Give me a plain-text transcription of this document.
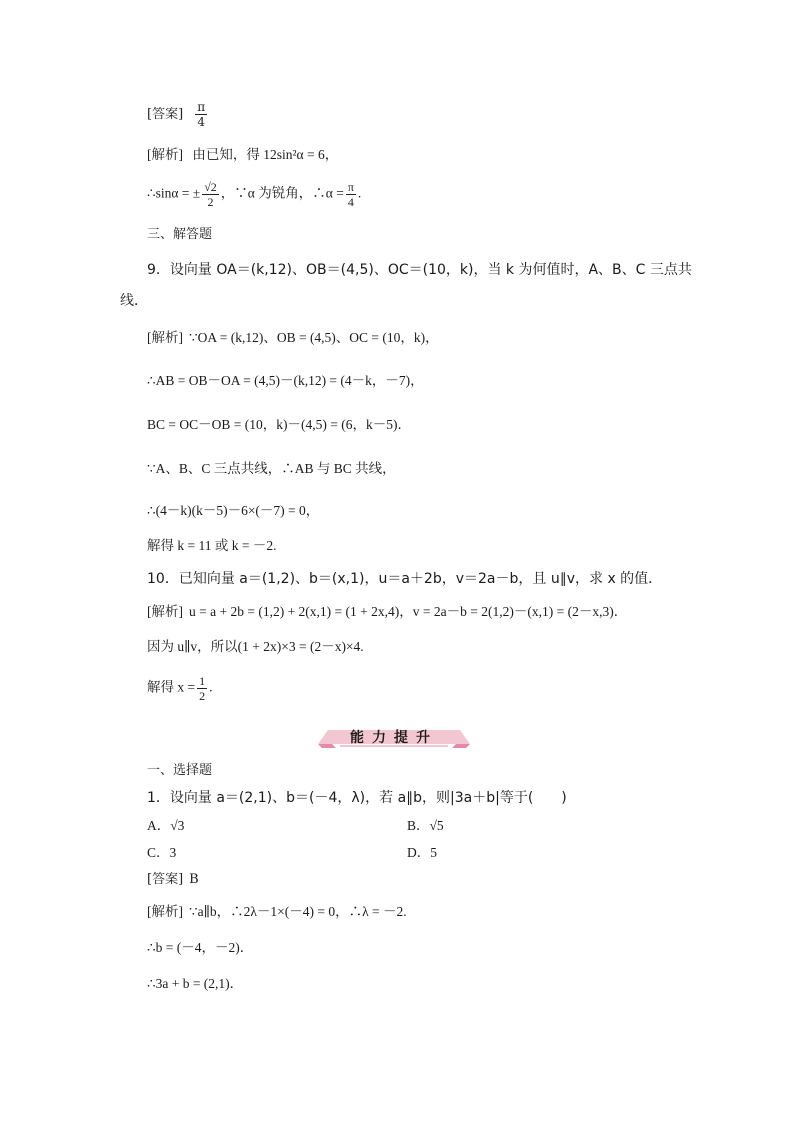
[答案] $\frac{\pi}{4}$
[解析] 由已知，得 12sin²α = 6，
∴sinα = ± $\frac{√2}{2}$ ，∵α 为锐角，∴α = $\frac{\pi}{4}$ .
三、解答题
9．设向量 OA＝(k,12)、OB＝(4,5)、OC＝(10，k)，当 k 为何值时，A、B、C 三点共
线．
[解析] ∵OA = (k,12)、OB = (4,5)、OC = (10，k)，
∴AB = OB－OA = (4,5)－(k,12) = (4－k，－7)，
BC = OC－OB = (10，k)－(4,5) = (6，k－5)．
∵A、B、C 三点共线，∴AB 与 BC 共线，
∴(4－k)(k－5)－6×(－7) = 0，
解得 k = 11 或 k = －2.
10．已知向量 a＝(1,2)、b＝(x,1)，u＝a＋2b，v＝2a－b，且 u∥v，求 x 的值．
[解析] u = a + 2b = (1,2) + 2(x,1) = (1 + 2x,4)，v = 2a－b = 2(1,2)－(x,1) = (2－x,3)．
因为 u∥v，所以(1 + 2x)×3 = (2－x)×4.
解得 $x = \frac{1}{2}$ .
能力提升
一、选择题
1．设向量 a＝(2,1)、b＝(－4，λ)，若 a∥b，则|3a＋b|等于(　　)
A．√3	B．√5
C．3	D．5
[答案] B
[解析] ∵a∥b，∴2λ－1×(－4) = 0，∴λ = －2.
∴b = (－4，－2)．
∴3a + b = (2,1)．
